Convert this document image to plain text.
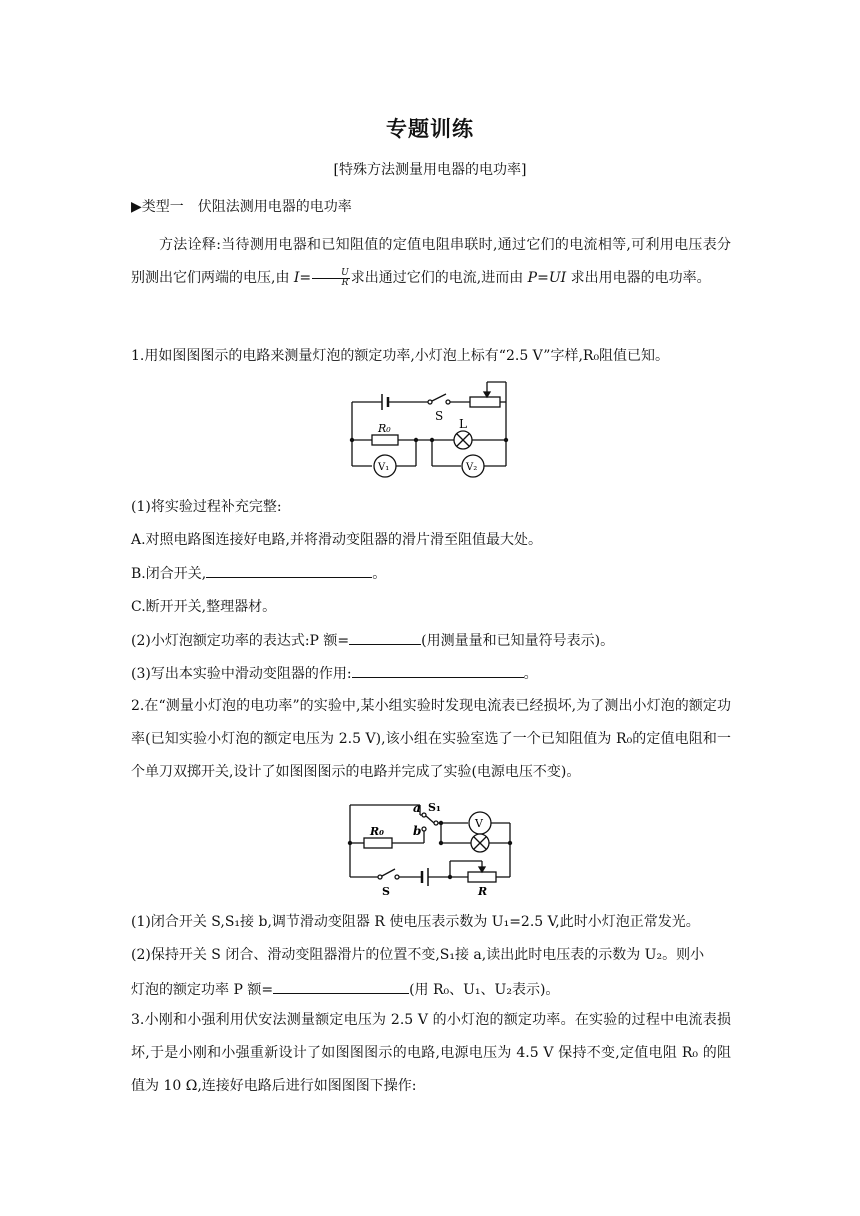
专题训练
[特殊方法测量用电器的电功率]
▶类型一　伏阻法测用电器的电功率
方法诠释:当待测用电器和已知阻值的定值电阻串联时,通过它们的电流相等,可利用电压表分别测出它们两端的电压,由 $I= \frac{U}{R}$ 求出通过它们的电流,进而由 P=UI 求出用电器的电功率。
1.用如图图图示的电路来测量灯泡的额定功率,小灯泡上标有“2.5 V”字样,R₀阻值已知。
S
R₀	L
V₁	V₂
(1)将实验过程补充完整:
A.对照电路图连接好电路,并将滑动变阻器的滑片滑至阻值最大处。
B.闭合开关,	。
C.断开开关,整理器材。
(2)小灯泡额定功率的表达式:P 额=	(用测量量和已知量符号表示)。
(3)写出本实验中滑动变阻器的作用:	。
2.在“测量小灯泡的电功率”的实验中,某小组实验时发现电流表已经损坏,为了测出小灯泡的额定功率(已知实验小灯泡的额定电压为 2.5 V),该小组在实验室选了一个已知阻值为 R₀的定值电阻和一个单刀双掷开关,设计了如图图图示的电路并完成了实验(电源电压不变)。
a S₁
b
V
R₀
S	R
(1)闭合开关 S,S₁接 b,调节滑动变阻器 R 使电压表示数为 U₁=2.5 V,此时小灯泡正常发光。
(2)保持开关 S 闭合、滑动变阻器滑片的位置不变,S₁接 a,读出此时电压表的示数为 U₂。则小
灯泡的额定功率 P 额=	(用 R₀、U₁、U₂表示)。
3.小刚和小强利用伏安法测量额定电压为 2.5 V 的小灯泡的额定功率。在实验的过程中电流表损坏,于是小刚和小强重新设计了如图图图示的电路,电源电压为 4.5 V 保持不变,定值电阻 R₀ 的阻值为 10 Ω,连接好电路后进行如图图图下操作:
